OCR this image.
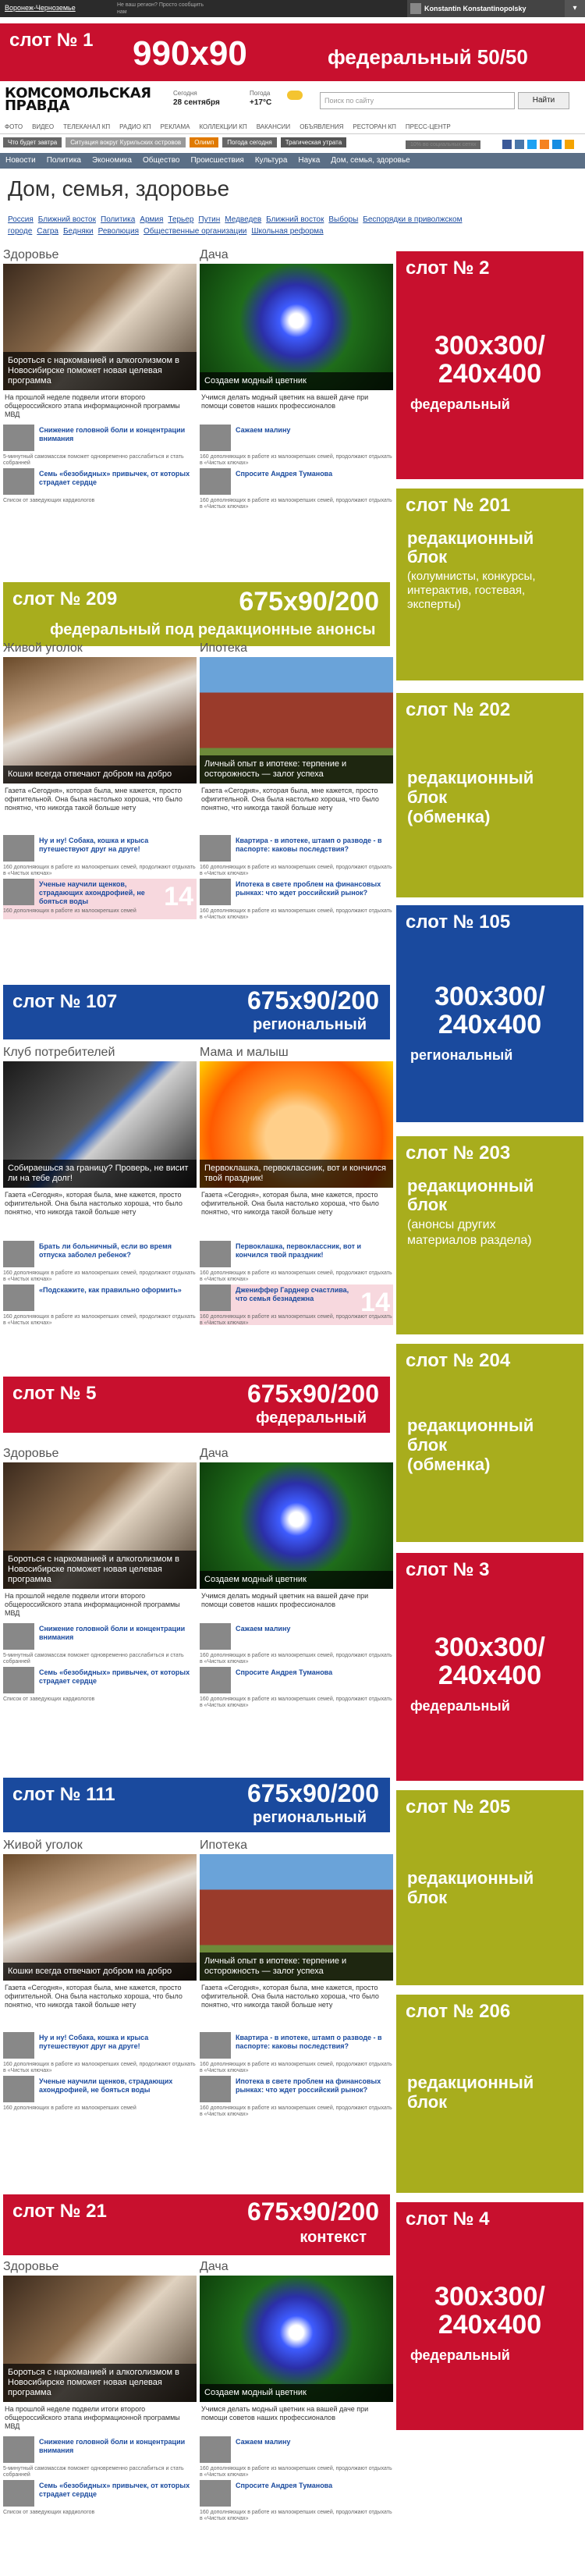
Воронеж-Черноземье	Не ваш регион? Просто сообщить нам	Konstantin Konstantinopolsky	▾
слот № 1 990x90	федеральный 50/50
КОМСОМОЛЬСКАЯ
ПРАВДА
Сегодня
28 сентября
Погода
+17°С	Поиск по сайту	Найти
ФОТО ВИДЕО ТЕЛЕКАНАЛ КП РАДИО КП РЕКЛАМА КОЛЛЕКЦИИ КП ВАКАНСИИ ОБЪЯВЛЕНИЯ РЕСТОРАН КП ПРЕСС-ЦЕНТР
Что будет завтра Ситуация вокруг Курильских островов Олимп Погода сегодня Трагическая утрата	10% во социальных сетях
Новости Политика Экономика Общество Происшествия Культура Наука Дом, семья, здоровье
Дом, семья, здоровье
Россия Ближний восток Политика Армия Терьер Путин Медведев Ближний восток Выборы Беспорядки в приволжском городе Сагра Бедняки Революция Общественные организации Школьная реформа
Здоровье
Бороться с наркоманией и алкоголизмом в Новосибирске поможет новая целевая программа
На прошлой неделе подвели итоги второго общероссийского этапа информационной программы МВД
Снижение головной боли и концентрации внимания
5-минутный самомассаж поможет одновременно расслабиться и стать собранней
Семь «безобидных» привычек, от которых страдает сердце
Список от заведующих кардиологов
Дача
Создаем модный цветник
Учимся делать модный цветник на вашей даче при помощи советов наших профессионалов
Сажаем малину
160 дополняющих в работе из малоокрепших семей, продолжают отдыхать в «Чистых ключах»
Спросите Андрея Туманова
160 дополняющих в работе из малоокрепших семей, продолжают отдыхать в «Чистых ключах»
слот № 2
300x300/
240x400
федеральный
слот № 201
редакционный
блок
(колумнисты, конкурсы, интерактив, гостевая, эксперты)
слот № 209	675x90/200
федеральный под редакционные анонсы
Живой уголок
Кошки всегда отвечают добром на добро
Газета «Сегодня», которая была, мне кажется, просто офигительной. Она была настолько хороша, что было понятно, что никогда такой больше нету
Ну и ну! Собака, кошка и крыса путешествуют друг на друге!
160 дополняющих в работе из малоокрепших семей, продолжают отдыхать в «Чистых ключах»
Ученые научили щенков, страдающих ахондрофией, не бояться воды	14
160 дополняющих в работе из малоокрепших семей
Ипотека
Личный опыт в ипотеке: терпение и осторожность — залог успеха
Газета «Сегодня», которая была, мне кажется, просто офигительной. Она была настолько хороша, что было понятно, что никогда такой больше нету
Квартира - в ипотеке, штамп о разводе - в паспорте: каковы последствия?
160 дополняющих в работе из малоокрепших семей, продолжают отдыхать в «Чистых ключах»
Ипотека в свете проблем на финансовых рынках: что ждет российский рынок?
160 дополняющих в работе из малоокрепших семей, продолжают отдыхать в «Чистых ключах»
слот № 202
редакционный
блок
(обменка)
слот № 105
300x300/
240x400
региональный
слот № 107	675x90/200
региональный
Клуб потребителей
Собираешься за границу? Проверь, не висит ли на тебе долг!
Газета «Сегодня», которая была, мне кажется, просто офигительной. Она была настолько хороша, что было понятно, что никогда такой больше нету
Брать ли больничный, если во время отпуска заболел ребенок?
160 дополняющих в работе из малоокрепших семей, продолжают отдыхать в «Чистых ключах»
«Подскажите, как правильно оформить»
160 дополняющих в работе из малоокрепших семей, продолжают отдыхать в «Чистых ключах»
Мама и малыш
Первоклашка, первоклассник, вот и кончился твой праздник!
Газета «Сегодня», которая была, мне кажется, просто офигительной. Она была настолько хороша, что было понятно, что никогда такой больше нету
Первоклашка, первоклассник, вот и кончился твой праздник!
160 дополняющих в работе из малоокрепших семей, продолжают отдыхать в «Чистых ключах»
Джениффер Гарднер счастлива, что семья безнадежна	14
160 дополняющих в работе из малоокрепших семей, продолжают отдыхать в «Чистых ключах»
слот № 203
редакционный
блок
(анонсы других материалов раздела)
слот № 5	675x90/200
федеральный
слот № 204
редакционный
блок
(обменка)
Здоровье
Бороться с наркоманией и алкоголизмом в Новосибирске поможет новая целевая программа
На прошлой неделе подвели итоги второго общероссийского этапа информационной программы МВД
Снижение головной боли и концентрации внимания
5-минутный самомассаж поможет одновременно расслабиться и стать собранней
Семь «безобидных» привычек, от которых страдает сердце
Список от заведующих кардиологов
Дача
Создаем модный цветник
Учимся делать модный цветник на вашей даче при помощи советов наших профессионалов
Сажаем малину
160 дополняющих в работе из малоокрепших семей, продолжают отдыхать в «Чистых ключах»
Спросите Андрея Туманова
160 дополняющих в работе из малоокрепших семей, продолжают отдыхать в «Чистых ключах»
слот № 3
300x300/
240x400
федеральный
слот № 111	675x90/200
региональный слот № 205
редакционный
блок
Живой уголок
Кошки всегда отвечают добром на добро
Газета «Сегодня», которая была, мне кажется, просто офигительной. Она была настолько хороша, что было понятно, что никогда такой больше нету
Ну и ну! Собака, кошка и крыса путешествуют друг на друге!
160 дополняющих в работе из малоокрепших семей, продолжают отдыхать в «Чистых ключах»
Ученые научили щенков, страдающих ахондрофией, не бояться воды
160 дополняющих в работе из малоокрепших семей
Ипотека
Личный опыт в ипотеке: терпение и осторожность — залог успеха
Газета «Сегодня», которая была, мне кажется, просто офигительной. Она была настолько хороша, что было понятно, что никогда такой больше нету
Квартира - в ипотеке, штамп о разводе - в паспорте: каковы последствия?
160 дополняющих в работе из малоокрепших семей, продолжают отдыхать в «Чистых ключах»
Ипотека в свете проблем на финансовых рынках: что ждет российский рынок?
160 дополняющих в работе из малоокрепших семей, продолжают отдыхать в «Чистых ключах»
слот № 206
редакционный
блок
слот № 21	675x90/200
контекст
слот № 4
300x300/
240x400
федеральный
Здоровье
Бороться с наркоманией и алкоголизмом в Новосибирске поможет новая целевая программа
На прошлой неделе подвели итоги второго общероссийского этапа информационной программы МВД
Снижение головной боли и концентрации внимания
5-минутный самомассаж поможет одновременно расслабиться и стать собранней
Семь «безобидных» привычек, от которых страдает сердце
Список от заведующих кардиологов
Дача
Создаем модный цветник
Учимся делать модный цветник на вашей даче при помощи советов наших профессионалов
Сажаем малину
160 дополняющих в работе из малоокрепших семей, продолжают отдыхать в «Чистых ключах»
Спросите Андрея Туманова
160 дополняющих в работе из малоокрепших семей, продолжают отдыхать в «Чистых ключах»
